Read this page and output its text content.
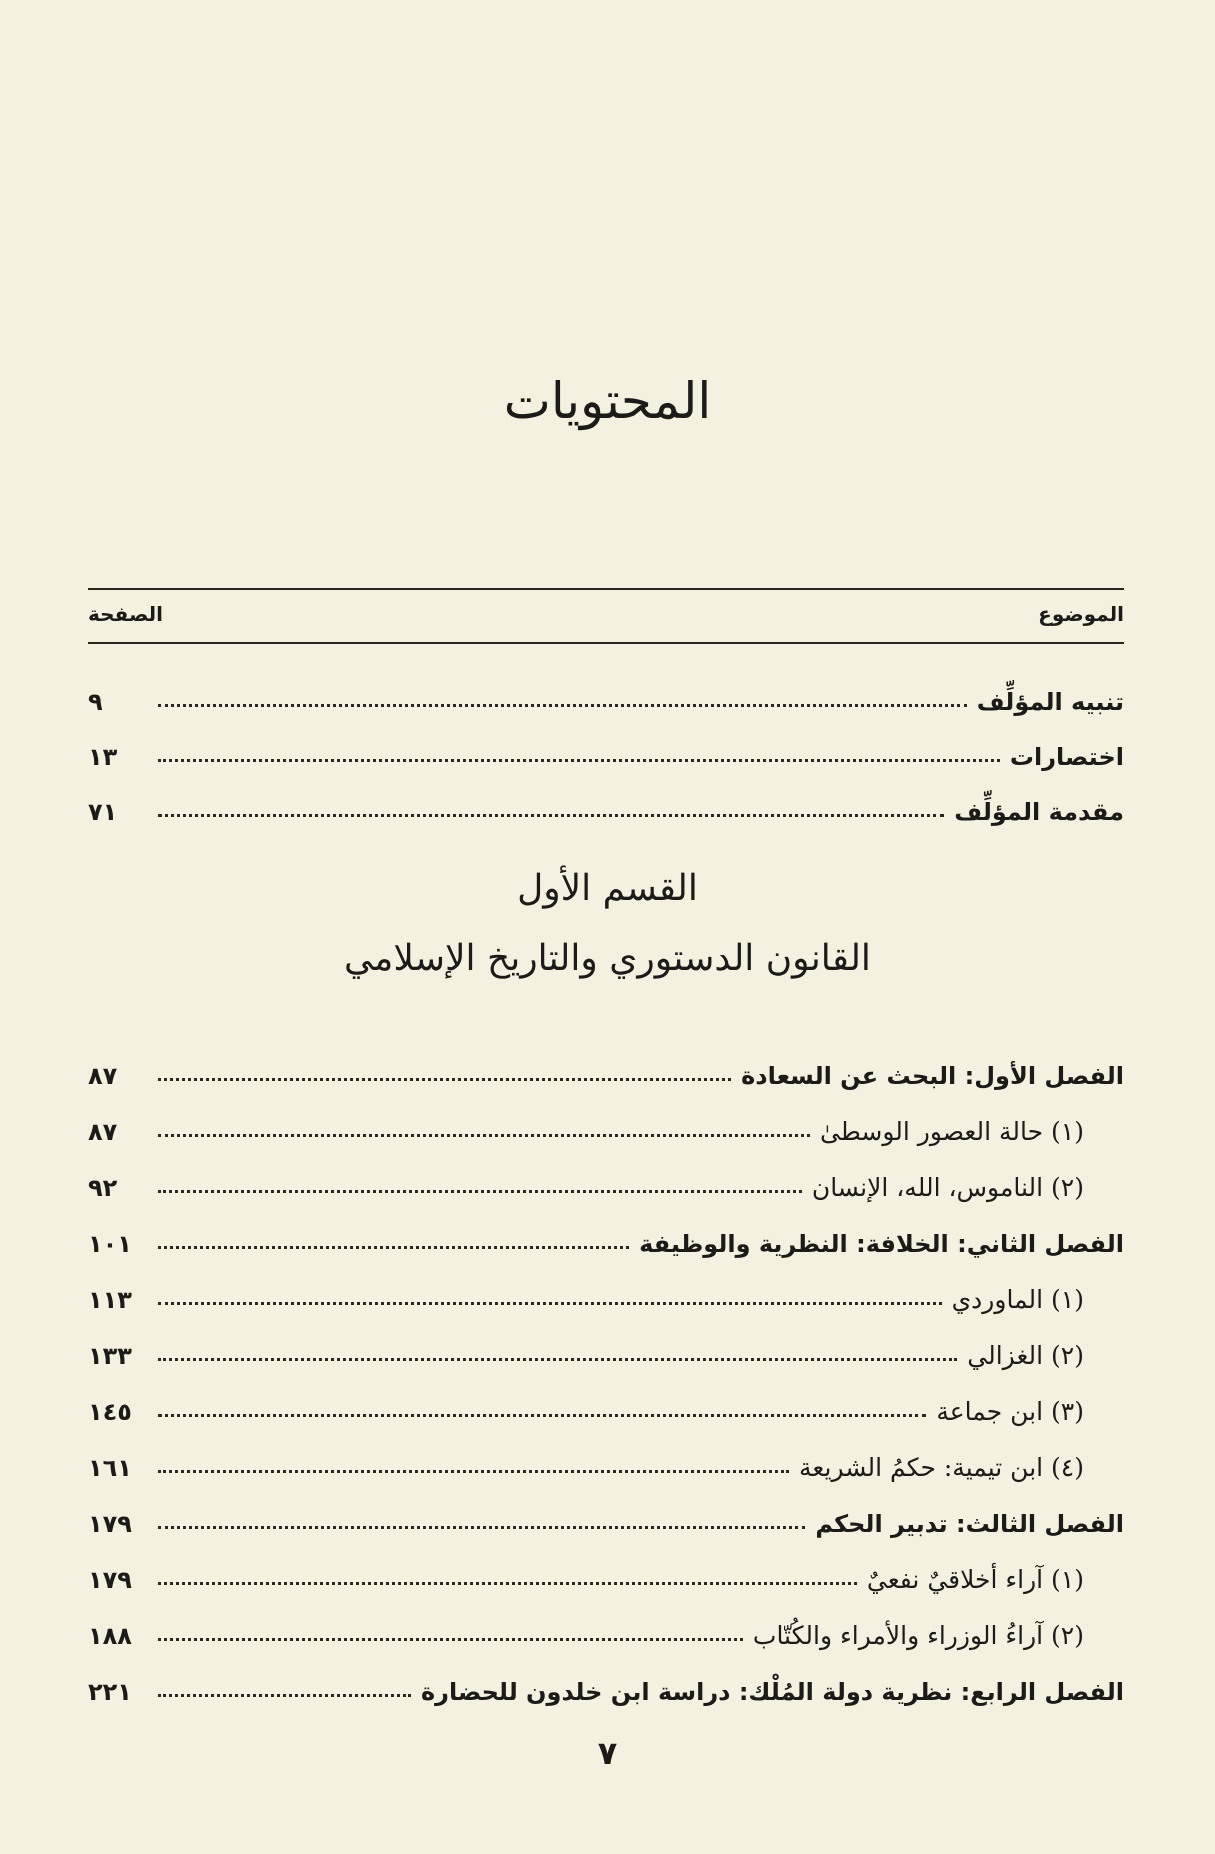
المحتويات
الموضوع
الصفحة
تنبيه المؤلِّف
٩
اختصارات
١٣
مقدمة المؤلِّف
٧١
القسم الأول
القانون الدستوري والتاريخ الإسلامي
الفصل الأول: البحث عن السعادة
٨٧
(١) حالة العصور الوسطىٰ
٨٧
(٢) الناموس، الله، الإنسان
٩٢
الفصل الثاني: الخلافة: النظرية والوظيفة
١٠١
(١) الماوردي
١١٣
(٢) الغزالي
١٣٣
(٣) ابن جماعة
١٤٥
(٤) ابن تيمية: حكمُ الشريعة
١٦١
الفصل الثالث: تدبير الحكم
١٧٩
(١) آراء أخلاقيٌ نفعيٌ
١٧٩
(٢) آراءُ الوزراء والأمراء والكُتّاب
١٨٨
الفصل الرابع: نظرية دولة المُلْك: دراسة ابن خلدون للحضارة
٢٢١
٧
